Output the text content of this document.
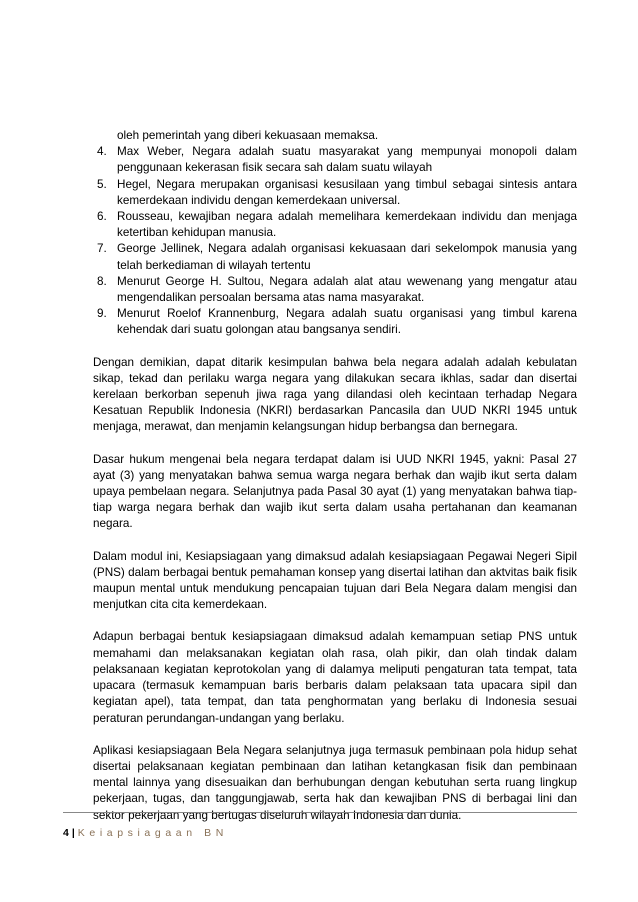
oleh pemerintah yang diberi kekuasaan memaksa.
4. Max Weber, Negara adalah suatu masyarakat yang mempunyai monopoli dalam penggunaan kekerasan fisik secara sah dalam suatu wilayah
5. Hegel, Negara merupakan organisasi kesusilaan yang timbul sebagai sintesis antara kemerdekaan individu dengan kemerdekaan universal.
6. Rousseau, kewajiban negara adalah memelihara kemerdekaan individu dan menjaga ketertiban kehidupan manusia.
7. George Jellinek, Negara adalah organisasi kekuasaan dari sekelompok manusia yang telah berkediaman di wilayah tertentu
8. Menurut George H. Sultou, Negara adalah alat atau wewenang yang mengatur atau mengendalikan persoalan bersama atas nama masyarakat.
9. Menurut Roelof Krannenburg, Negara adalah suatu organisasi yang timbul karena kehendak dari suatu golongan atau bangsanya sendiri.

Dengan demikian, dapat ditarik kesimpulan bahwa bela negara adalah adalah kebulatan sikap, tekad dan perilaku warga negara yang dilakukan secara ikhlas, sadar dan disertai kerelaan berkorban sepenuh jiwa raga yang dilandasi oleh kecintaan terhadap Negara Kesatuan Republik Indonesia (NKRI) berdasarkan Pancasila dan UUD NKRI 1945 untuk menjaga, merawat, dan menjamin kelangsungan hidup berbangsa dan bernegara.

Dasar hukum mengenai bela negara terdapat dalam isi UUD NKRI 1945, yakni: Pasal 27 ayat (3) yang menyatakan bahwa semua warga negara berhak dan wajib ikut serta dalam upaya pembelaan negara. Selanjutnya pada Pasal 30 ayat (1) yang menyatakan bahwa tiap-tiap warga negara berhak dan wajib ikut serta dalam usaha pertahanan dan keamanan negara.

Dalam modul ini, Kesiapsiagaan yang dimaksud adalah kesiapsiagaan Pegawai Negeri Sipil (PNS) dalam berbagai bentuk pemahaman konsep yang disertai latihan dan aktvitas baik fisik maupun mental untuk mendukung pencapaian tujuan dari Bela Negara dalam mengisi dan menjutkan cita cita kemerdekaan.

Adapun berbagai bentuk kesiapsiagaan dimaksud adalah kemampuan setiap PNS untuk memahami dan melaksanakan kegiatan olah rasa, olah pikir, dan olah tindak dalam pelaksanaan kegiatan keprotokolan yang di dalamya meliputi pengaturan tata tempat, tata upacara (termasuk kemampuan baris berbaris dalam pelaksaan tata upacara sipil dan kegiatan apel), tata tempat, dan tata penghormatan yang berlaku di Indonesia sesuai peraturan perundangan-undangan yang berlaku.

Aplikasi kesiapsiagaan Bela Negara selanjutnya juga termasuk pembinaan pola hidup sehat disertai pelaksanaan kegiatan pembinaan dan latihan ketangkasan fisik dan pembinaan mental lainnya yang disesuaikan dan berhubungan dengan kebutuhan serta ruang lingkup pekerjaan, tugas, dan tanggungjawab, serta hak dan kewajiban PNS di berbagai lini dan sektor pekerjaan yang bertugas diseluruh wilayah Indonesia dan dunia.

4 | Keiapsiagaan BN
